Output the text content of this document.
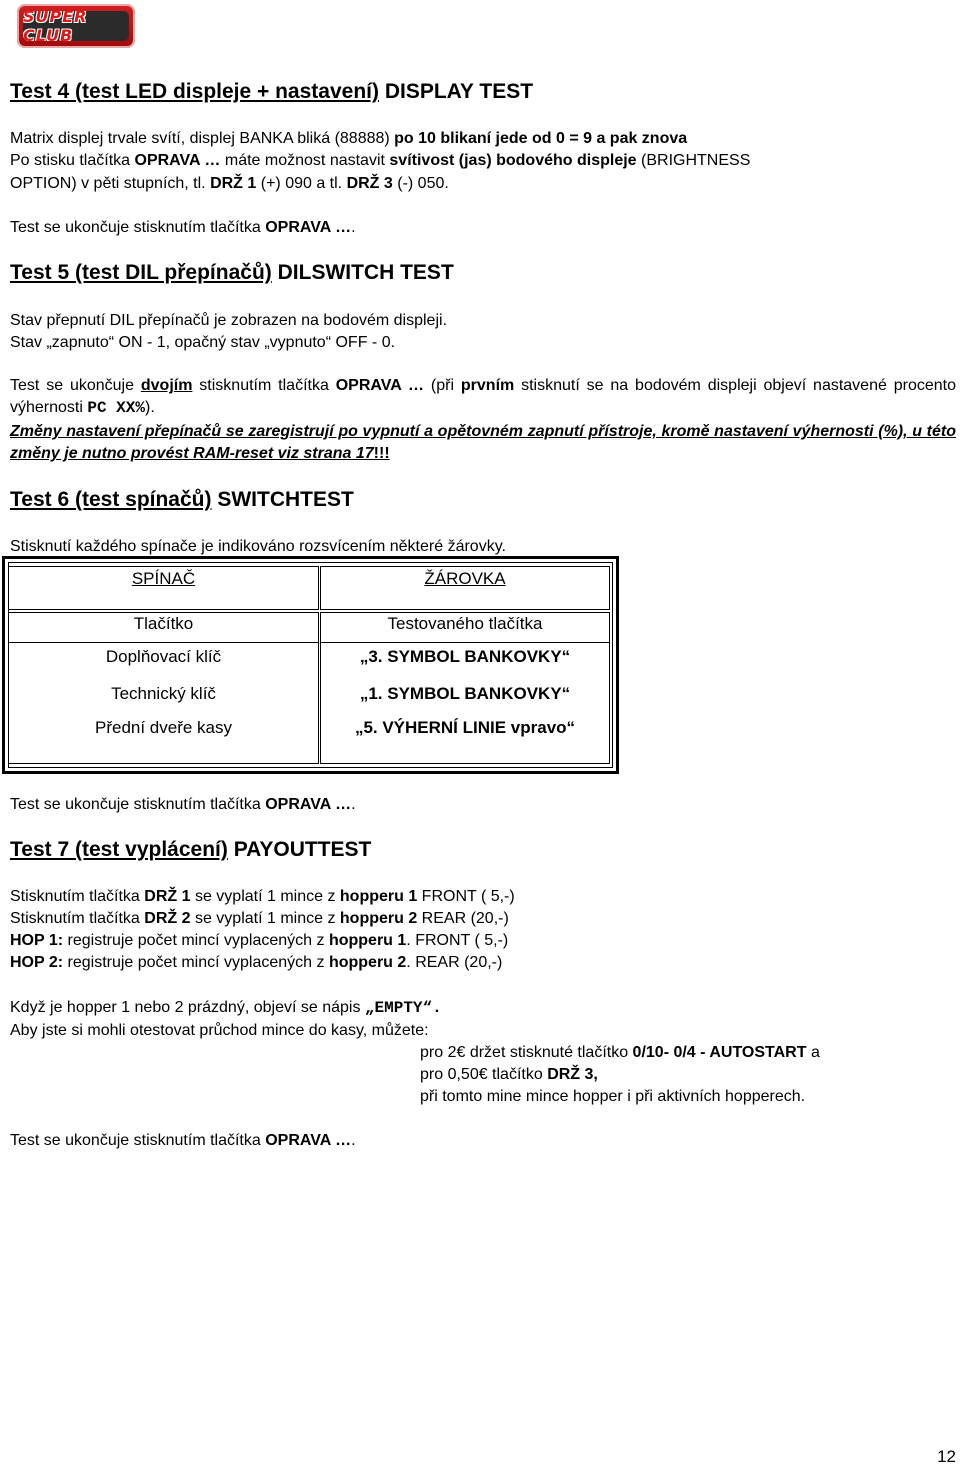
SUPER CLUB
Test 4 (test LED displeje + nastavení) DISPLAY TEST
Matrix displej trvale svítí, displej BANKA bliká (88888) po 10 blikaní jede od 0 = 9 a pak znova
Po stisku tlačítka OPRAVA … máte možnost nastavit svítivost (jas) bodového displeje (BRIGHTNESS
OPTION) v pěti stupních, tl. DRŽ 1 (+) 090 a tl. DRŽ 3 (-) 050.
Test se ukončuje stisknutím tlačítka OPRAVA ….
Test 5 (test DIL přepínačů) DILSWITCH TEST
Stav přepnutí DIL přepínačů je zobrazen na bodovém displeji.
Stav „zapnuto“ ON - 1, opačný stav „vypnuto“ OFF - 0.
Test se ukončuje dvojím stisknutím tlačítka OPRAVA … (při prvním stisknutí se na bodovém displeji objeví nastavené procento výhernosti PC XX%).
Změny nastavení přepínačů se zaregistrují po vypnutí a opětovném zapnutí přístroje, kromě nastavení výhernosti (%), u této změny je nutno provést RAM-reset viz strana 17!!!
Test 6 (test spínačů) SWITCHTEST
Stisknutí každého spínače je indikováno rozsvícením některé žárovky.
SPÍNAČ	ŽÁROVKA
Tlačítko	Testovaného tlačítka
Doplňovací klíč	„3. SYMBOL BANKOVKY“
Technický klíč	„1. SYMBOL BANKOVKY“
Přední dveře kasy	„5. VÝHERNÍ LINIE vpravo“
Test se ukončuje stisknutím tlačítka OPRAVA ….
Test 7 (test vyplácení) PAYOUTTEST
Stisknutím tlačítka DRŽ 1 se vyplatí 1 mince z hopperu 1 FRONT ( 5,-)
Stisknutím tlačítka DRŽ 2 se vyplatí 1 mince z hopperu 2 REAR (20,-)
HOP 1: registruje počet mincí vyplacených z hopperu 1. FRONT ( 5,-)
HOP 2: registruje počet mincí vyplacených z hopperu 2. REAR (20,-)
Když je hopper 1 nebo 2 prázdný, objeví se nápis „EMPTY“.
Aby jste si mohli otestovat průchod mince do kasy, můžete:
pro 2€ držet stisknuté tlačítko 0/10- 0/4 - AUTOSTART a
pro 0,50€ tlačítko DRŽ 3,
při tomto mine mince hopper i při aktivních hopperech.
Test se ukončuje stisknutím tlačítka OPRAVA ….
12
